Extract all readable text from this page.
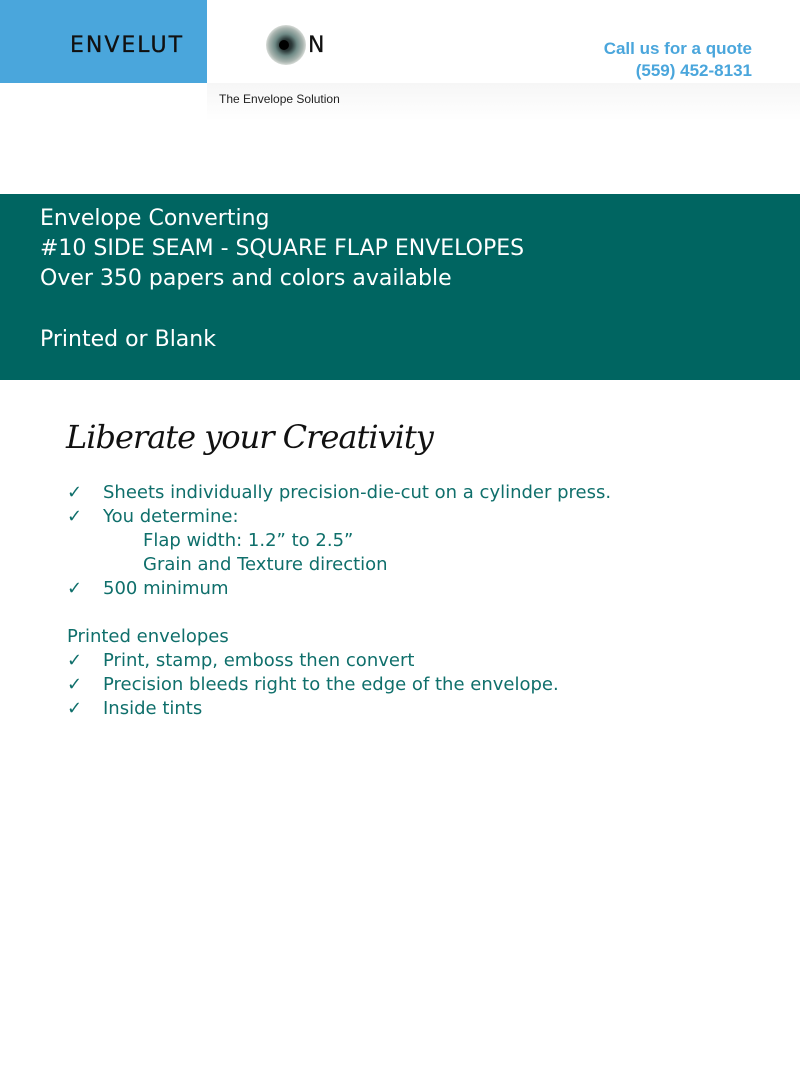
ENVELUT	N
The Envelope Solution
Call us for a quote
(559) 452-8131
Envelope Converting
#10 SIDE SEAM - SQUARE FLAP ENVELOPES
Over 350 papers and colors available
Printed or Blank
Liberate your Creativity
✓ Sheets individually precision-die-cut on a cylinder press.
✓ You determine:
Flap width: 1.2” to 2.5”
Grain and Texture direction
✓ 500 minimum
Printed envelopes
✓ Print, stamp, emboss then convert
✓ Precision bleeds right to the edge of the envelope.
✓ Inside tints
